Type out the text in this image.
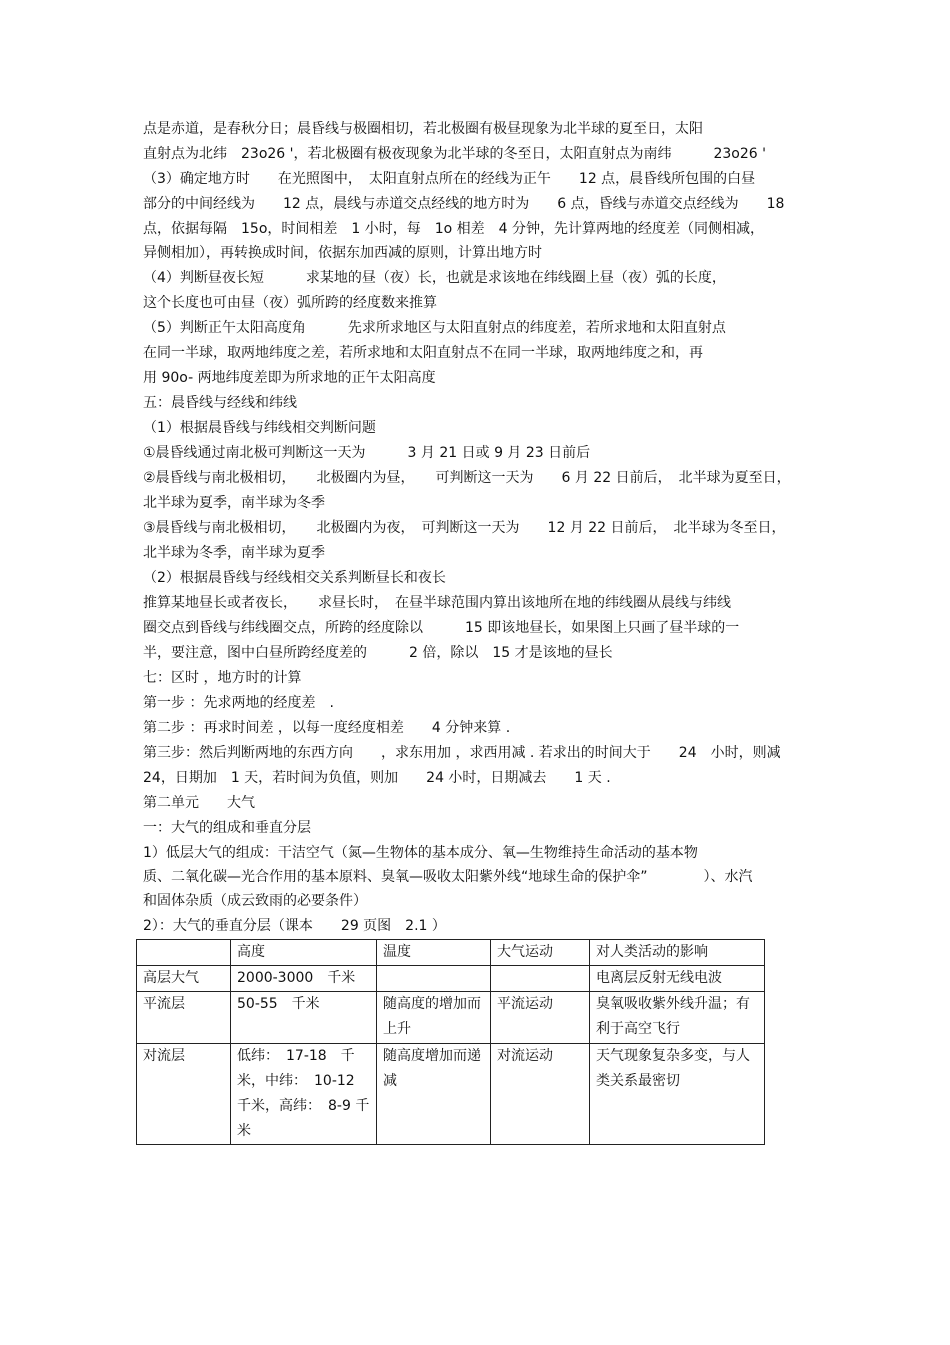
点是赤道，是春秋分日；晨昏线与极圈相切，若北极圈有极昼现象为北半球的夏至日，太阳
直射点为北纬　23o26 '，若北极圈有极夜现象为北半球的冬至日，太阳直射点为南纬　　　23o26 '
（3）确定地方时　　在光照图中，　太阳直射点所在的经线为正午　　12 点，晨昏线所包围的白昼
部分的中间经线为　　12 点，晨线与赤道交点经线的地方时为　　6 点，昏线与赤道交点经线为　　18
点，依据每隔　15o，时间相差　1 小时，每　1o 相差　4 分钟，先计算两地的经度差（同侧相减，
异侧相加），再转换成时间，依据东加西减的原则，计算出地方时
（4）判断昼夜长短　　　求某地的昼（夜）长，也就是求该地在纬线圈上昼（夜）弧的长度，
这个长度也可由昼（夜）弧所跨的经度数来推算
（5）判断正午太阳高度角　　　先求所求地区与太阳直射点的纬度差，若所求地和太阳直射点
在同一半球，取两地纬度之差，若所求地和太阳直射点不在同一半球，取两地纬度之和，再
用 90o- 两地纬度差即为所求地的正午太阳高度
五：晨昏线与经线和纬线
（1）根据晨昏线与纬线相交判断问题
①晨昏线通过南北极可判断这一天为　　　3 月 21 日或 9 月 23 日前后
②晨昏线与南北极相切，　　北极圈内为昼，　　可判断这一天为　　6 月 22 日前后，　北半球为夏至日，
北半球为夏季，南半球为冬季
③晨昏线与南北极相切，　　北极圈内为夜，　可判断这一天为　　12 月 22 日前后，　北半球为冬至日，
北半球为冬季，南半球为夏季
（2）根据晨昏线与经线相交关系判断昼长和夜长
推算某地昼长或者夜长，　　求昼长时，　在昼半球范围内算出该地所在地的纬线圈从晨线与纬线
圈交点到昏线与纬线圈交点，所跨的经度除以　　　15 即该地昼长，如果图上只画了昼半球的一
半，要注意，图中白昼所跨经度差的　　　2 倍，除以　15 才是该地的昼长
七：区时 ，地方时的计算
第一步 ：先求两地的经度差　.
第二步 ：再求时间差 ，以每一度经度相差　　4 分钟来算 .
第三步：然后判断两地的东西方向　　，求东用加 ，求西用减 . 若求出的时间大于　　24　小时，则减
24，日期加　1 天，若时间为负值，则加　　24 小时，日期减去　　1 天 .
第二单元　　大气
一：大气的组成和垂直分层
1）低层大气的组成：干洁空气（氮—生物体的基本成分、氧—生物维持生命活动的基本物
质、二氧化碳—光合作用的基本原料、臭氧—吸收太阳紫外线“地球生命的保护伞”　　　　）、水汽
和固体杂质（成云致雨的必要条件）
2）：大气的垂直分层（课本　　29 页图　2.1 ）
	高度	温度	大气运动	对人类活动的影响
高层大气	2000-3000　千米			电离层反射无线电波
平流层	50-55　千米	随高度的增加而上升	平流运动	臭氧吸收紫外线升温；有利于高空飞行
对流层	低纬：　17-18　千米，中纬：　10-12 千米，高纬：　8-9 千米	随高度增加而递减	对流运动	天气现象复杂多变，与人类关系最密切
